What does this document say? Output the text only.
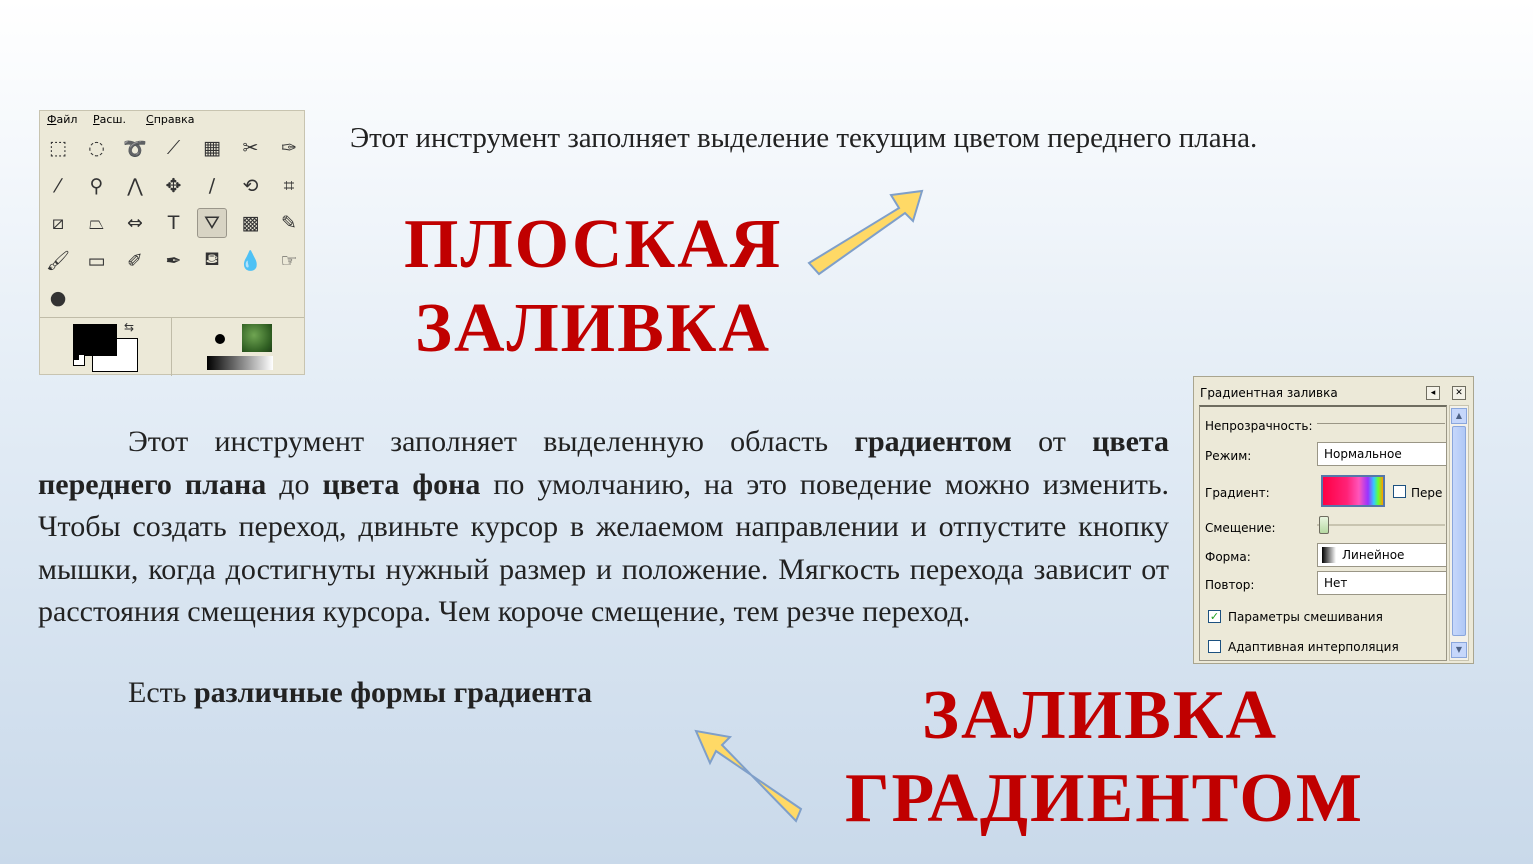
Файл Расш. Справка
⬚	◌ ➰	⟋	▦	✂	✑
⁄	⚲	⋀	✥	∕	⟲	⌗
⧄	⏢	⇔	T	⛛	▩	✎
🖌 ▭	✐	✒	⛾ 💧 ☞
●
⇆
Этот инструмент заполняет выделение текущим цветом переднего плана.
ПЛОСКАЯ
ЗАЛИВКА
Этот инструмент заполняет выделенную область градиентом от цвета переднего плана до цвета фона по умолчанию, на это поведение можно изменить. Чтобы создать переход, двиньте курсор в желаемом направлении и отпустите кнопку мышки, когда достигнуты нужный размер и положение. Мягкость перехода зависит от расстояния смещения курсора. Чем короче смещение, тем резче переход.
Есть различные формы градиента
Градиентная заливка	◂	✕
Непрозрачность:
Режим:	Нормальное
Градиент:	Пере
Смещение:
Форма:	Линейное
Повтор:	Нет
✓ Параметры смешивания
Адаптивная интерполяция
▲
▼
ЗАЛИВКА
ГРАДИЕНТОМ
